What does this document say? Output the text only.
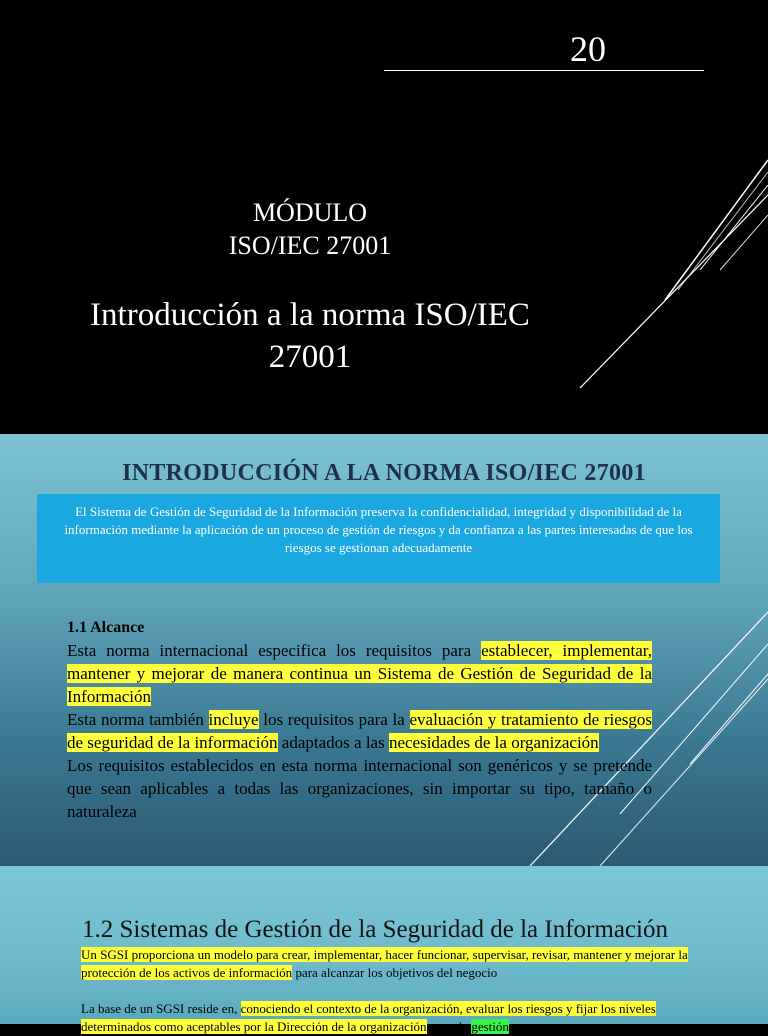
20
MÓDULO
ISO/IEC 27001
Introducción a la norma ISO/IEC
27001
INTRODUCCIÓN A LA NORMA ISO/IEC 27001
El Sistema de Gestión de Seguridad de la Información preserva la confidencialidad, integridad y disponibilidad de la información mediante la aplicación de un proceso de gestión de riesgos y da confianza a las partes interesadas de que los riesgos se gestionan adecuadamente
1.1 Alcance
Esta norma internacional especifica los requisitos para establecer, implementar, mantener y mejorar de manera continua un Sistema de Gestión de Seguridad de la Información
Esta norma también incluye los requisitos para la evaluación y tratamiento de riesgos de seguridad de la información adaptados a las necesidades de la organización
Los requisitos establecidos en esta norma internacional son genéricos y se pretende que sean aplicables a todas las organizaciones, sin importar su tipo, tamaño o naturaleza
1.2 Sistemas de Gestión de la Seguridad de la Información

Un SGSI proporciona un modelo para crear, implementar, hacer funcionar, supervisar, revisar, mantener y mejorar la protección de los activos de información para alcanzar los objetivos del negocio

La base de un SGSI reside en, conociendo el contexto de la organización, evaluar los riesgos y fijar los niveles determinados como aceptables por la Dirección de la organización, para la gestión
